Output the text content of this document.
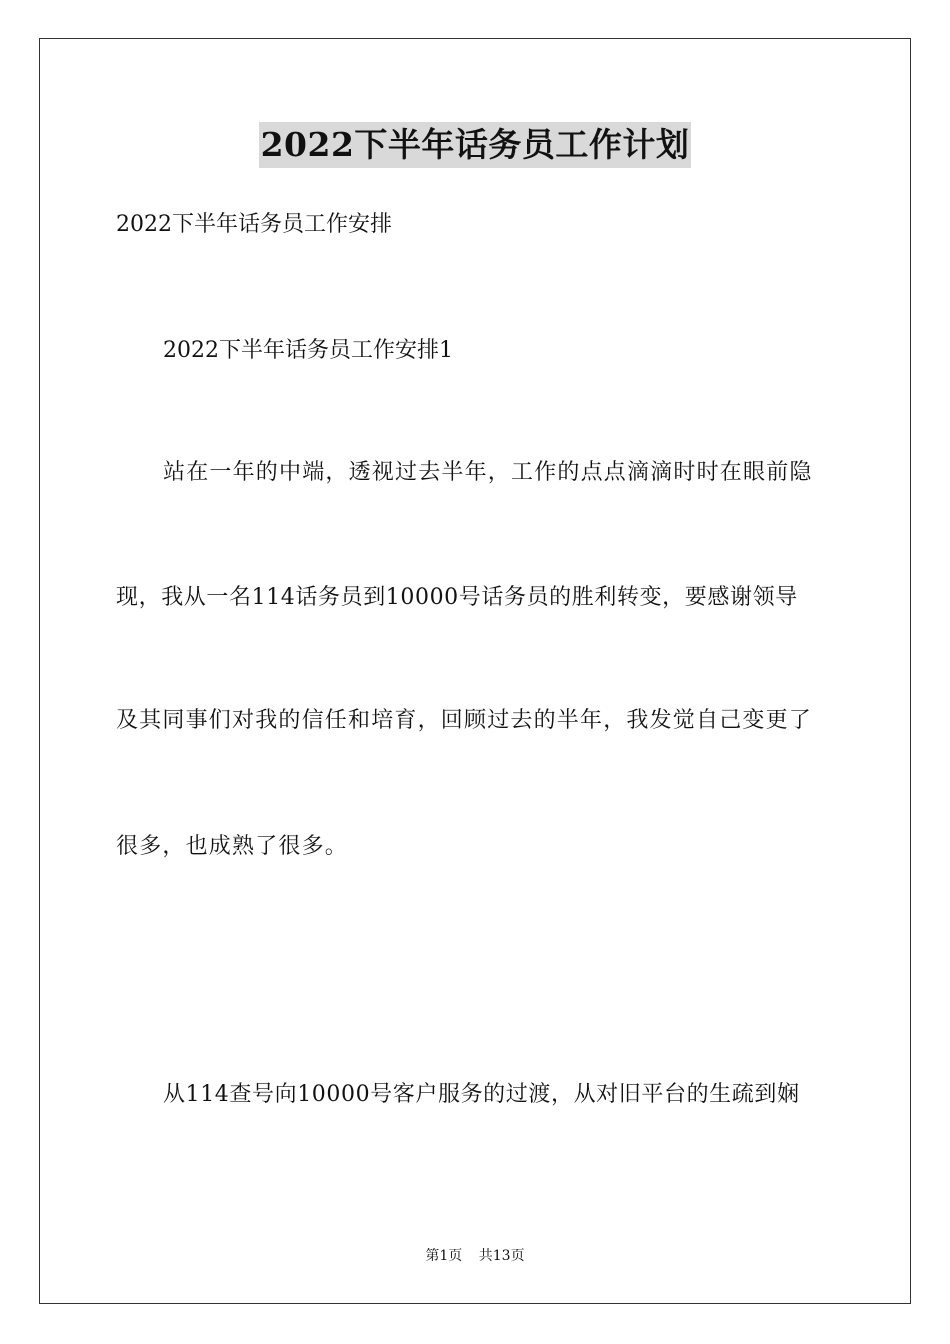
2022下半年话务员工作计划
2022下半年话务员工作安排
2022下半年话务员工作安排1
站在一年的中端，透视过去半年，工作的点点滴滴时时在眼前隐
现，我从一名114话务员到10000号话务员的胜利转变，要感谢领导
及其同事们对我的信任和培育，回顾过去的半年，我发觉自己变更了
很多，也成熟了很多。
从114查号向10000号客户服务的过渡，从对旧平台的生疏到娴
第1页 共13页
